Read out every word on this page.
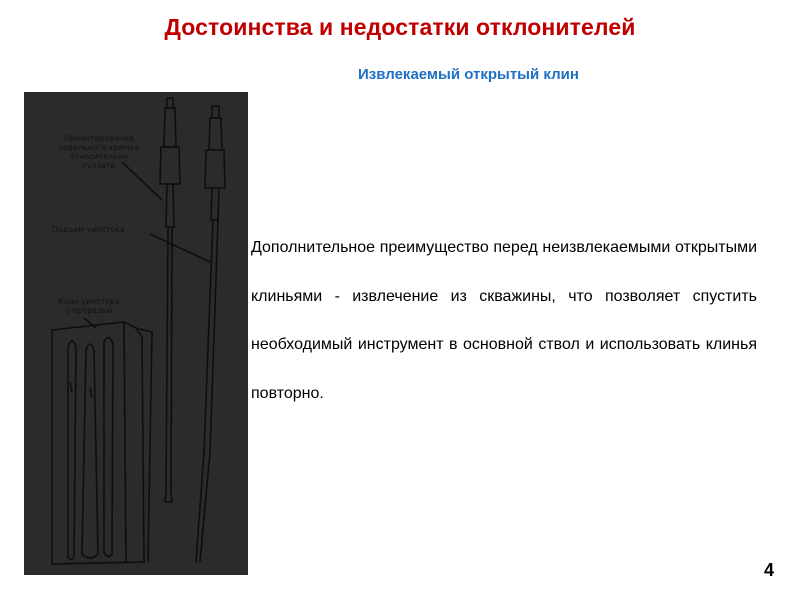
Достоинства и недостатки отклонителей
Извлекаемый открытый клин
Ориентирование
ловильного крючка
относительно
гулзати
Подъем уипстока
Клин уипстока
с прорезью
Дополнительное преимущество перед неизвлекаемыми открытыми клиньями - извлечение из скважины, что позволяет спустить необходимый инструмент в основной ствол и использовать клинья повторно.
4
